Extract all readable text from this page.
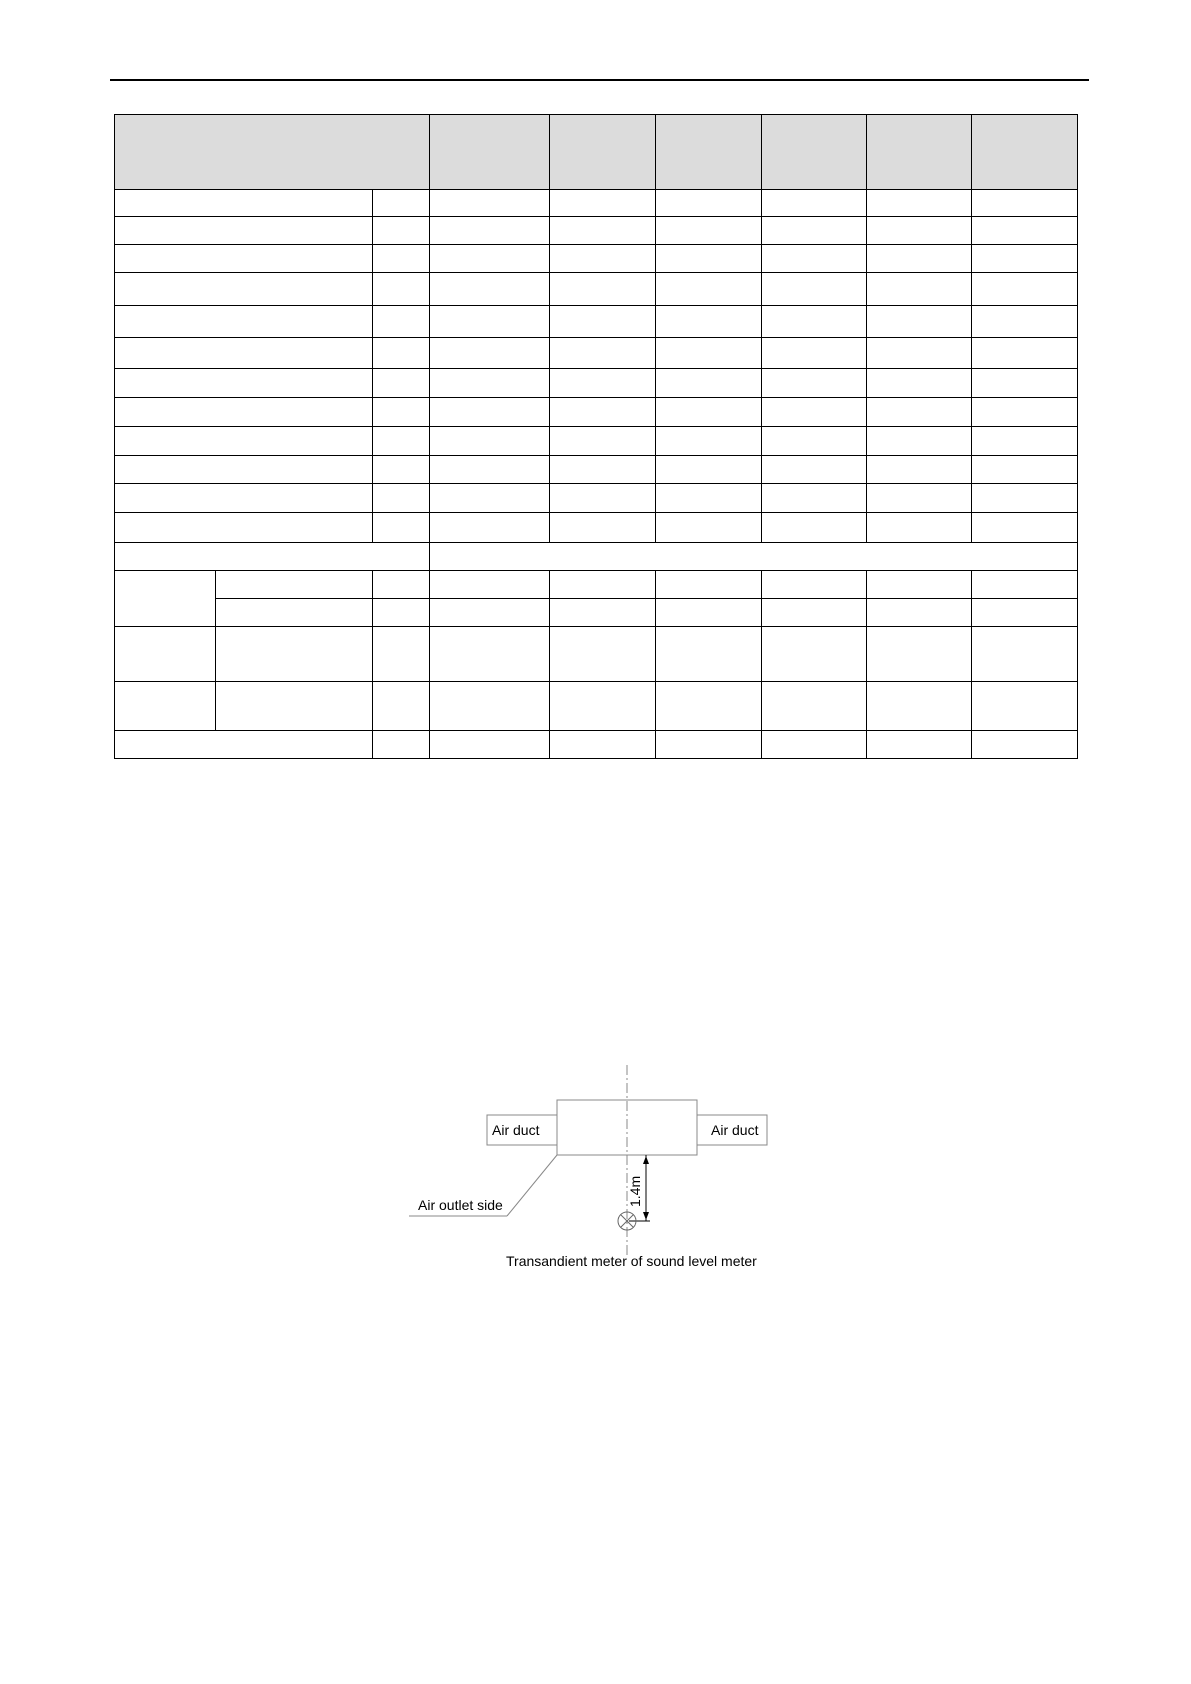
Air duct	Air duct
Air outlet side	1.4m
Transandient meter of sound level meter
